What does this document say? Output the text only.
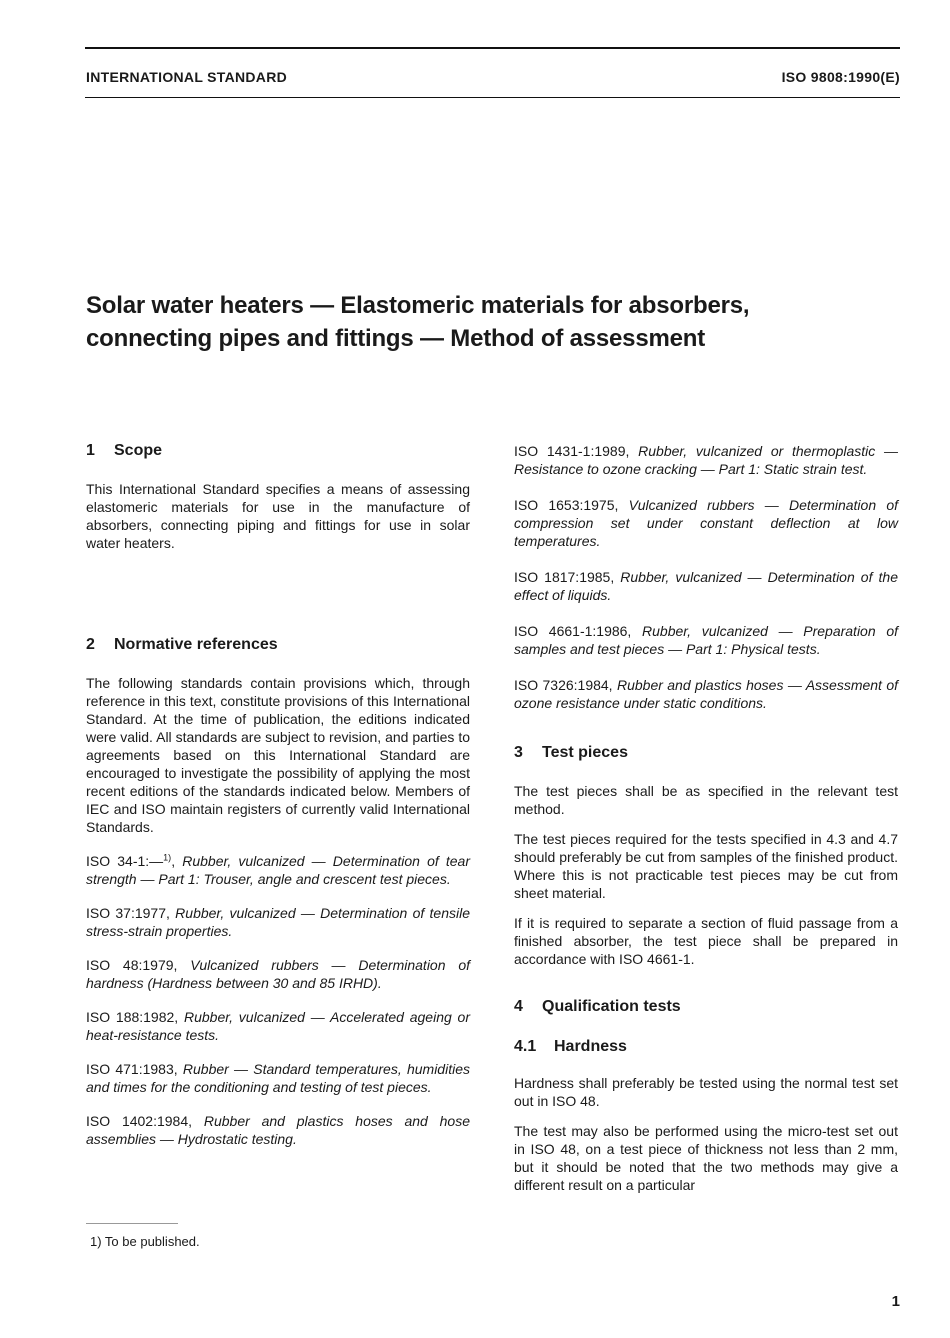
INTERNATIONAL STANDARD	ISO 9808:1990(E)
Solar water heaters — Elastomeric materials for absorbers,
connecting pipes and fittings — Method of assessment
1 Scope

This International Standard specifies a means of assessing elastomeric materials for use in the manufacture of absorbers, connecting piping and fittings for use in solar water heaters.

2 Normative references

The following standards contain provisions which, through reference in this text, constitute provisions of this International Standard. At the time of publication, the editions indicated were valid. All standards are subject to revision, and parties to agreements based on this International Standard are encouraged to investigate the possibility of applying the most recent editions of the standards indicated below. Members of IEC and ISO maintain registers of currently valid International Standards.

ISO 34-1:—$^{1)}$, Rubber, vulcanized — Determination of tear strength — Part 1: Trouser, angle and crescent test pieces.

ISO 37:1977, Rubber, vulcanized — Determination of tensile stress-strain properties.

ISO 48:1979, Vulcanized rubbers — Determination of hardness (Hardness between 30 and 85 IRHD).

ISO 188:1982, Rubber, vulcanized — Accelerated ageing or heat-resistance tests.

ISO 471:1983, Rubber — Standard temperatures, humidities and times for the conditioning and testing of test pieces.

ISO 1402:1984, Rubber and plastics hoses and hose assemblies — Hydrostatic testing.

ISO 1431-1:1989, Rubber, vulcanized or thermoplastic — Resistance to ozone cracking — Part 1: Static strain test.

ISO 1653:1975, Vulcanized rubbers — Determination of compression set under constant deflection at low temperatures.

ISO 1817:1985, Rubber, vulcanized — Determination of the effect of liquids.

ISO 4661-1:1986, Rubber, vulcanized — Preparation of samples and test pieces — Part 1: Physical tests.

ISO 7326:1984, Rubber and plastics hoses — Assessment of ozone resistance under static conditions.

3 Test pieces

The test pieces shall be as specified in the relevant test method.

The test pieces required for the tests specified in 4.3 and 4.7 should preferably be cut from samples of the finished product. Where this is not practicable test pieces may be cut from sheet material.

If it is required to separate a section of fluid passage from a finished absorber, the test piece shall be prepared in accordance with ISO 4661-1.

4 Qualification tests
4.1 Hardness

Hardness shall preferably be tested using the normal test set out in ISO 48.

The test may also be performed using the micro-test set out in ISO 48, on a test piece of thickness not less than 2 mm, but it should be noted that the two methods may give a different result on a particular

1) To be published.
1
